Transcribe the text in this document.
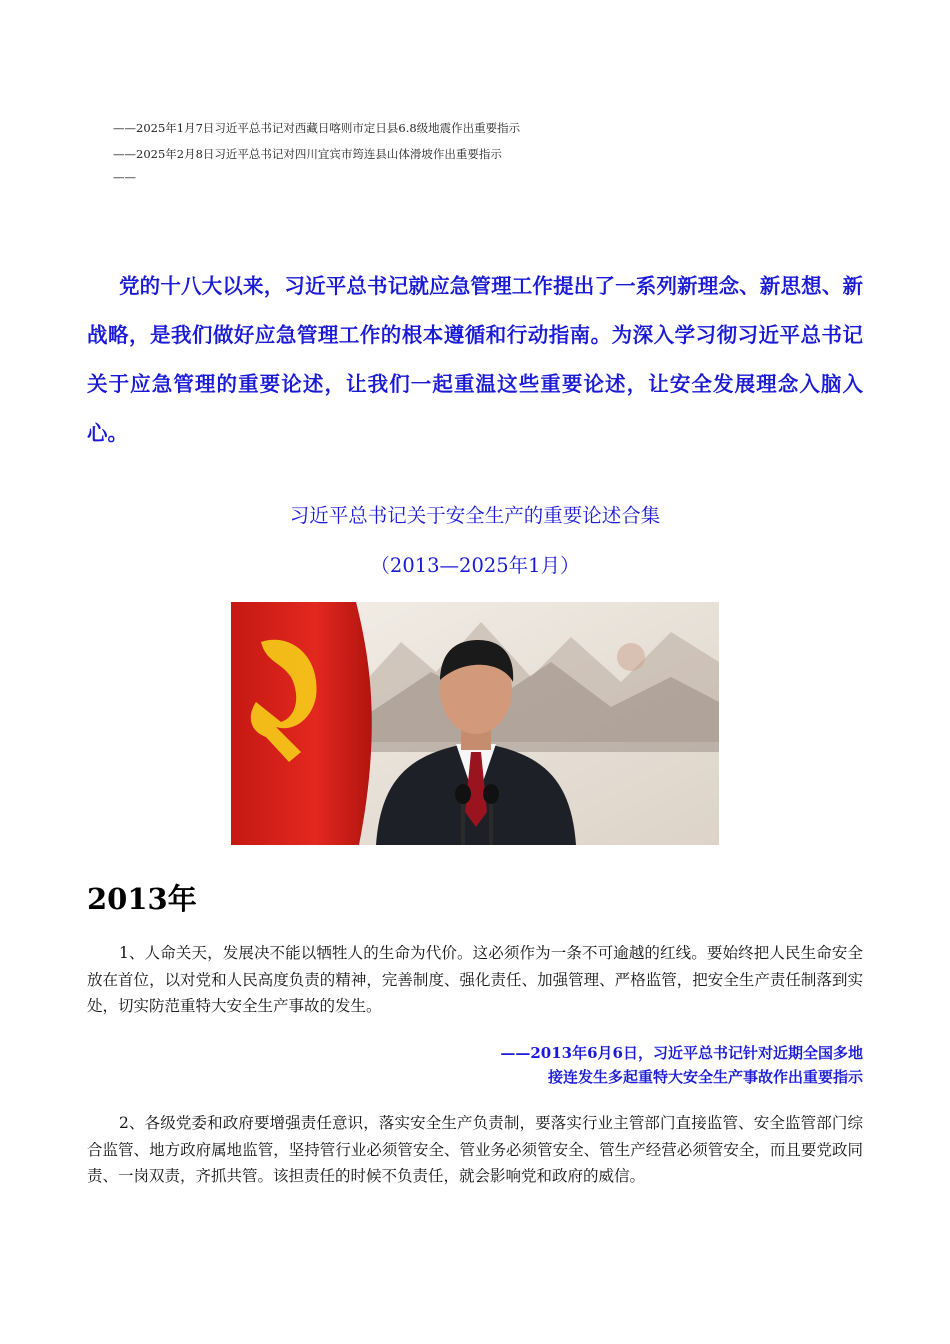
——2025年1月7日习近平总书记对西藏日喀则市定日县6.8级地震作出重要指示
——2025年2月8日习近平总书记对四川宜宾市筠连县山体滑坡作出重要指示
——

党的十八大以来，习近平总书记就应急管理工作提出了一系列新理念、新思想、新战略，是我们做好应急管理工作的根本遵循和行动指南。为深入学习彻习近平总书记关于应急管理的重要论述，让我们一起重温这些重要论述，让安全发展理念入脑入心。

习近平总书记关于安全生产的重要论述合集
（2013—2025年1月）
2013年

1、人命关天，发展决不能以牺牲人的生命为代价。这必须作为一条不可逾越的红线。要始终把人民生命安全放在首位，以对党和人民高度负责的精神，完善制度、强化责任、加强管理、严格监管，把安全生产责任制落到实处，切实防范重特大安全生产事故的发生。

——2013年6月6日，习近平总书记针对近期全国多地
接连发生多起重特大安全生产事故作出重要指示

2、各级党委和政府要增强责任意识，落实安全生产负责制，要落实行业主管部门直接监管、安全监管部门综合监管、地方政府属地监管，坚持管行业必须管安全、管业务必须管安全、管生产经营必须管安全，而且要党政同责、一岗双责，齐抓共管。该担责任的时候不负责任，就会影响党和政府的威信。
